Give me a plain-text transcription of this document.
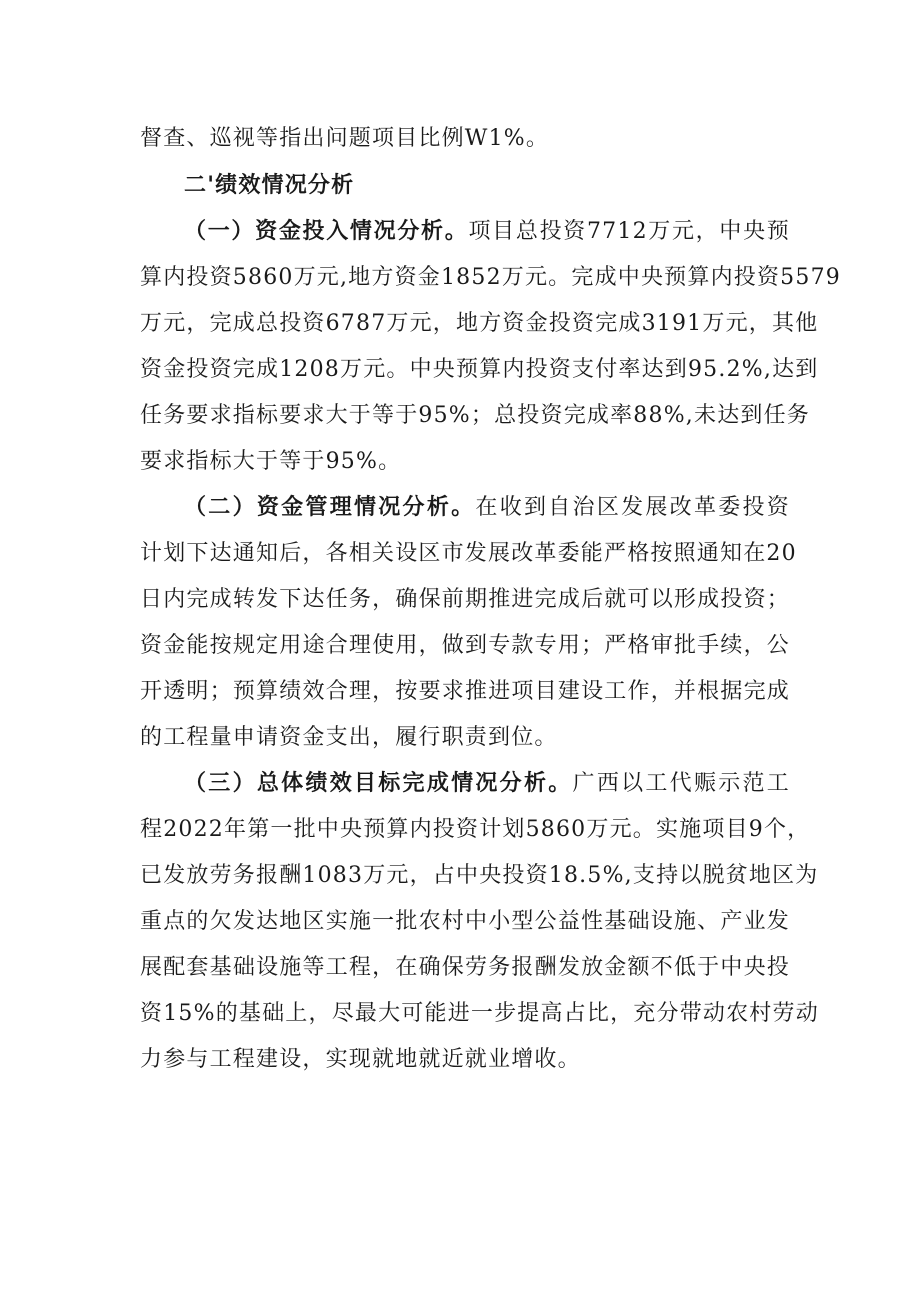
督查、巡视等指出问题项目比例W1%。
二'绩效情况分析
（一）资金投入情况分析。项目总投资7712万元，中央预
算内投资5860万元,地方资金1852万元。完成中央预算内投资5579
万元，完成总投资6787万元，地方资金投资完成3191万元，其他
资金投资完成1208万元。中央预算内投资支付率达到95.2%,达到
任务要求指标要求大于等于95%；总投资完成率88%,未达到任务
要求指标大于等于95%。
（二）资金管理情况分析。在收到自治区发展改革委投资
计划下达通知后，各相关设区市发展改革委能严格按照通知在20
日内完成转发下达任务，确保前期推进完成后就可以形成投资；
资金能按规定用途合理使用，做到专款专用；严格审批手续，公
开透明；预算绩效合理，按要求推进项目建设工作，并根据完成
的工程量申请资金支出，履行职责到位。
（三）总体绩效目标完成情况分析。广西以工代赈示范工
程2022年第一批中央预算内投资计划5860万元。实施项目9个，
已发放劳务报酬1083万元，占中央投资18.5%,支持以脱贫地区为
重点的欠发达地区实施一批农村中小型公益性基础设施、产业发
展配套基础设施等工程，在确保劳务报酬发放金额不低于中央投
资15%的基础上，尽最大可能进一步提高占比，充分带动农村劳动
力参与工程建设，实现就地就近就业增收。
